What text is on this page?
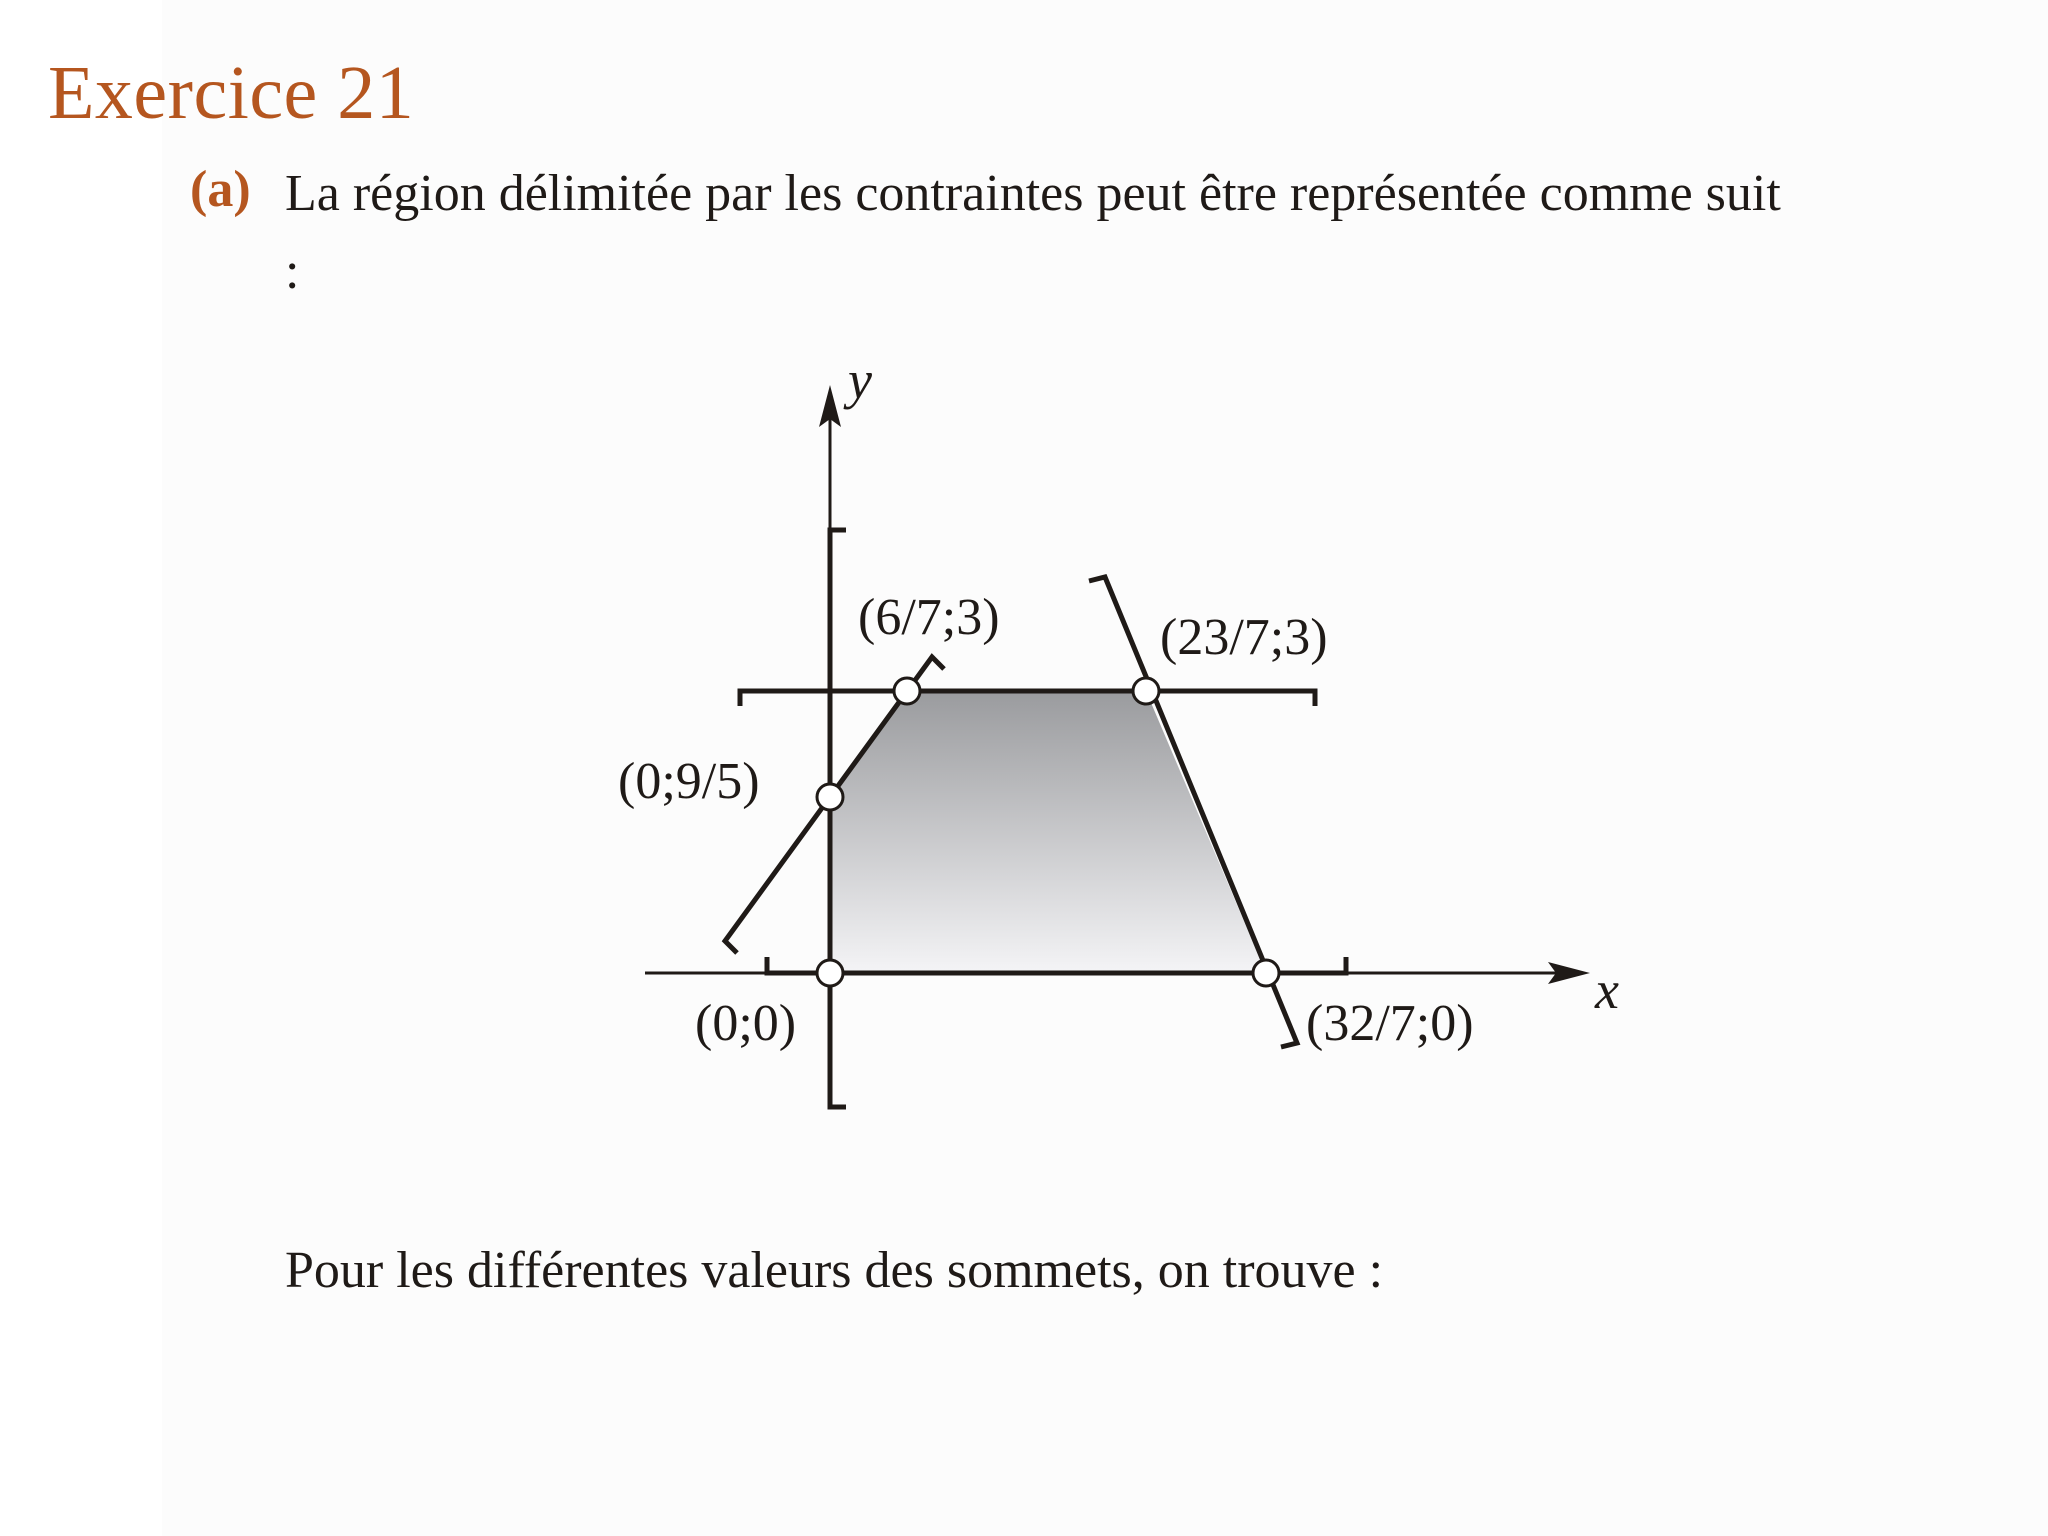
Exercice 21
(a) La région délimitée par les contraintes peut être représentée comme suit :

(6/7;3)	(23/7;3)
(0;9/5)
(0;0)	(32/7;0)
x
y

Pour les différentes valeurs des sommets, on trouve :
